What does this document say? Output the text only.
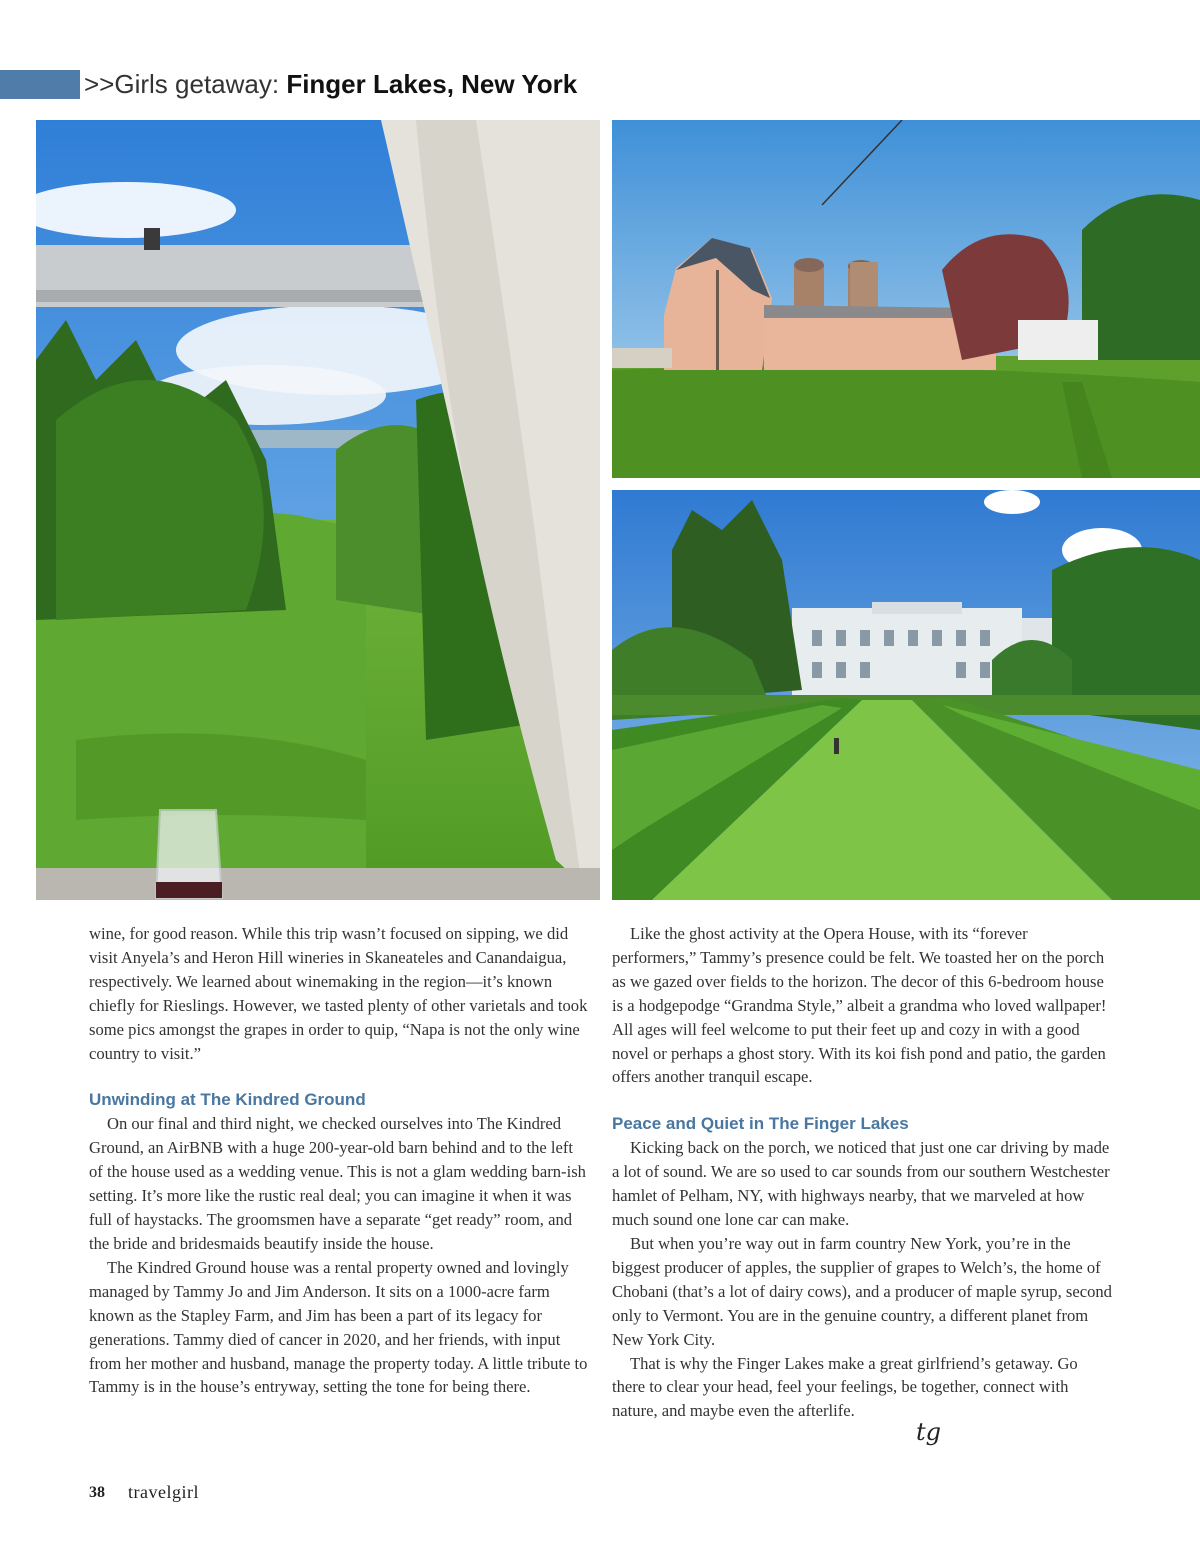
>>Girls getaway: Finger Lakes, New York

wine, for good reason. While this trip wasn’t focused on sipping, we did visit Anyela’s and Heron Hill wineries in Skaneateles and Canandaigua, respectively. We learned about winemaking in the region—it’s known chiefly for Rieslings. However, we tasted plenty of other varietals and took some pics amongst the grapes in order to quip, “Napa is not the only wine country to visit.”

Unwinding at The Kindred Ground

On our final and third night, we checked ourselves into The Kindred Ground, an AirBNB with a huge 200-year-old barn behind and to the left of the house used as a wedding venue. This is not a glam wedding barn-ish setting. It’s more like the rustic real deal; you can imagine it when it was full of haystacks. The groomsmen have a separate “get ready” room, and the bride and bridesmaids beautify inside the house.

The Kindred Ground house was a rental property owned and lovingly managed by Tammy Jo and Jim Anderson. It sits on a 1000-acre farm known as the Stapley Farm, and Jim has been a part of its legacy for generations. Tammy died of cancer in 2020, and her friends, with input from her mother and husband, manage the property today. A little tribute to Tammy is in the house’s entryway, setting the tone for being there.

Like the ghost activity at the Opera House, with its “forever performers,” Tammy’s presence could be felt. We toasted her on the porch as we gazed over fields to the horizon. The decor of this 6-bedroom house is a hodgepodge “Grandma Style,” albeit a grandma who loved wallpaper! All ages will feel welcome to put their feet up and cozy in with a good novel or perhaps a ghost story. With its koi fish pond and patio, the garden offers another tranquil escape.

Peace and Quiet in The Finger Lakes

Kicking back on the porch, we noticed that just one car driving by made a lot of sound. We are so used to car sounds from our southern Westchester hamlet of Pelham, NY, with highways nearby, that we marveled at how much sound one lone car can make.

But when you’re way out in farm country New York, you’re in the biggest producer of apples, the supplier of grapes to Welch’s, the home of Chobani (that’s a lot of dairy cows), and a producer of maple syrup, second only to Vermont. You are in the genuine country, a different planet from New York City.

That is why the Finger Lakes make a great girlfriend’s getaway. Go there to clear your head, feel your feelings, be together, connect with nature, and maybe even the afterlife.

tg
38 travelgirl
